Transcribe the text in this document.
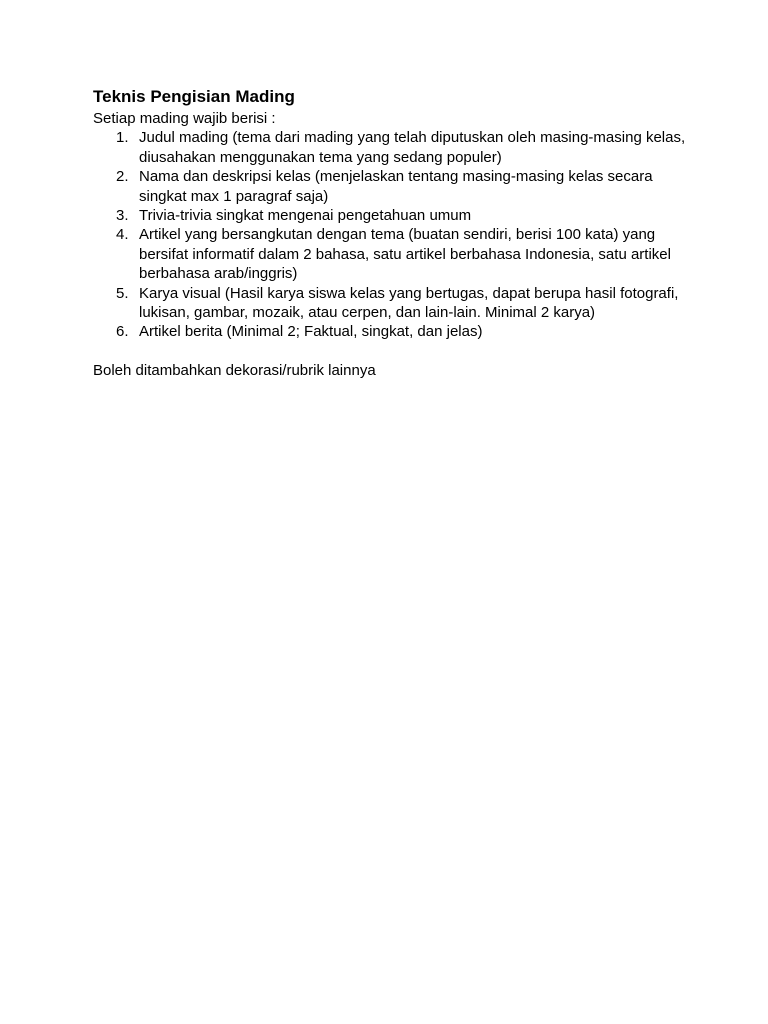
Teknis Pengisian Mading

Setiap mading wajib berisi :

1. Judul mading (tema dari mading yang telah diputuskan oleh masing-masing kelas, diusahakan menggunakan tema yang sedang populer)
2. Nama dan deskripsi kelas (menjelaskan tentang masing-masing kelas secara singkat max 1 paragraf saja)
3. Trivia-trivia singkat mengenai pengetahuan umum
4. Artikel yang bersangkutan dengan tema (buatan sendiri, berisi 100 kata) yang bersifat informatif dalam 2 bahasa, satu artikel berbahasa Indonesia, satu artikel berbahasa arab/inggris)
5. Karya visual (Hasil karya siswa kelas yang bertugas, dapat berupa hasil fotografi, lukisan, gambar, mozaik, atau cerpen, dan lain-lain. Minimal 2 karya)
6. Artikel berita (Minimal 2; Faktual, singkat, dan jelas)

Boleh ditambahkan dekorasi/rubrik lainnya
